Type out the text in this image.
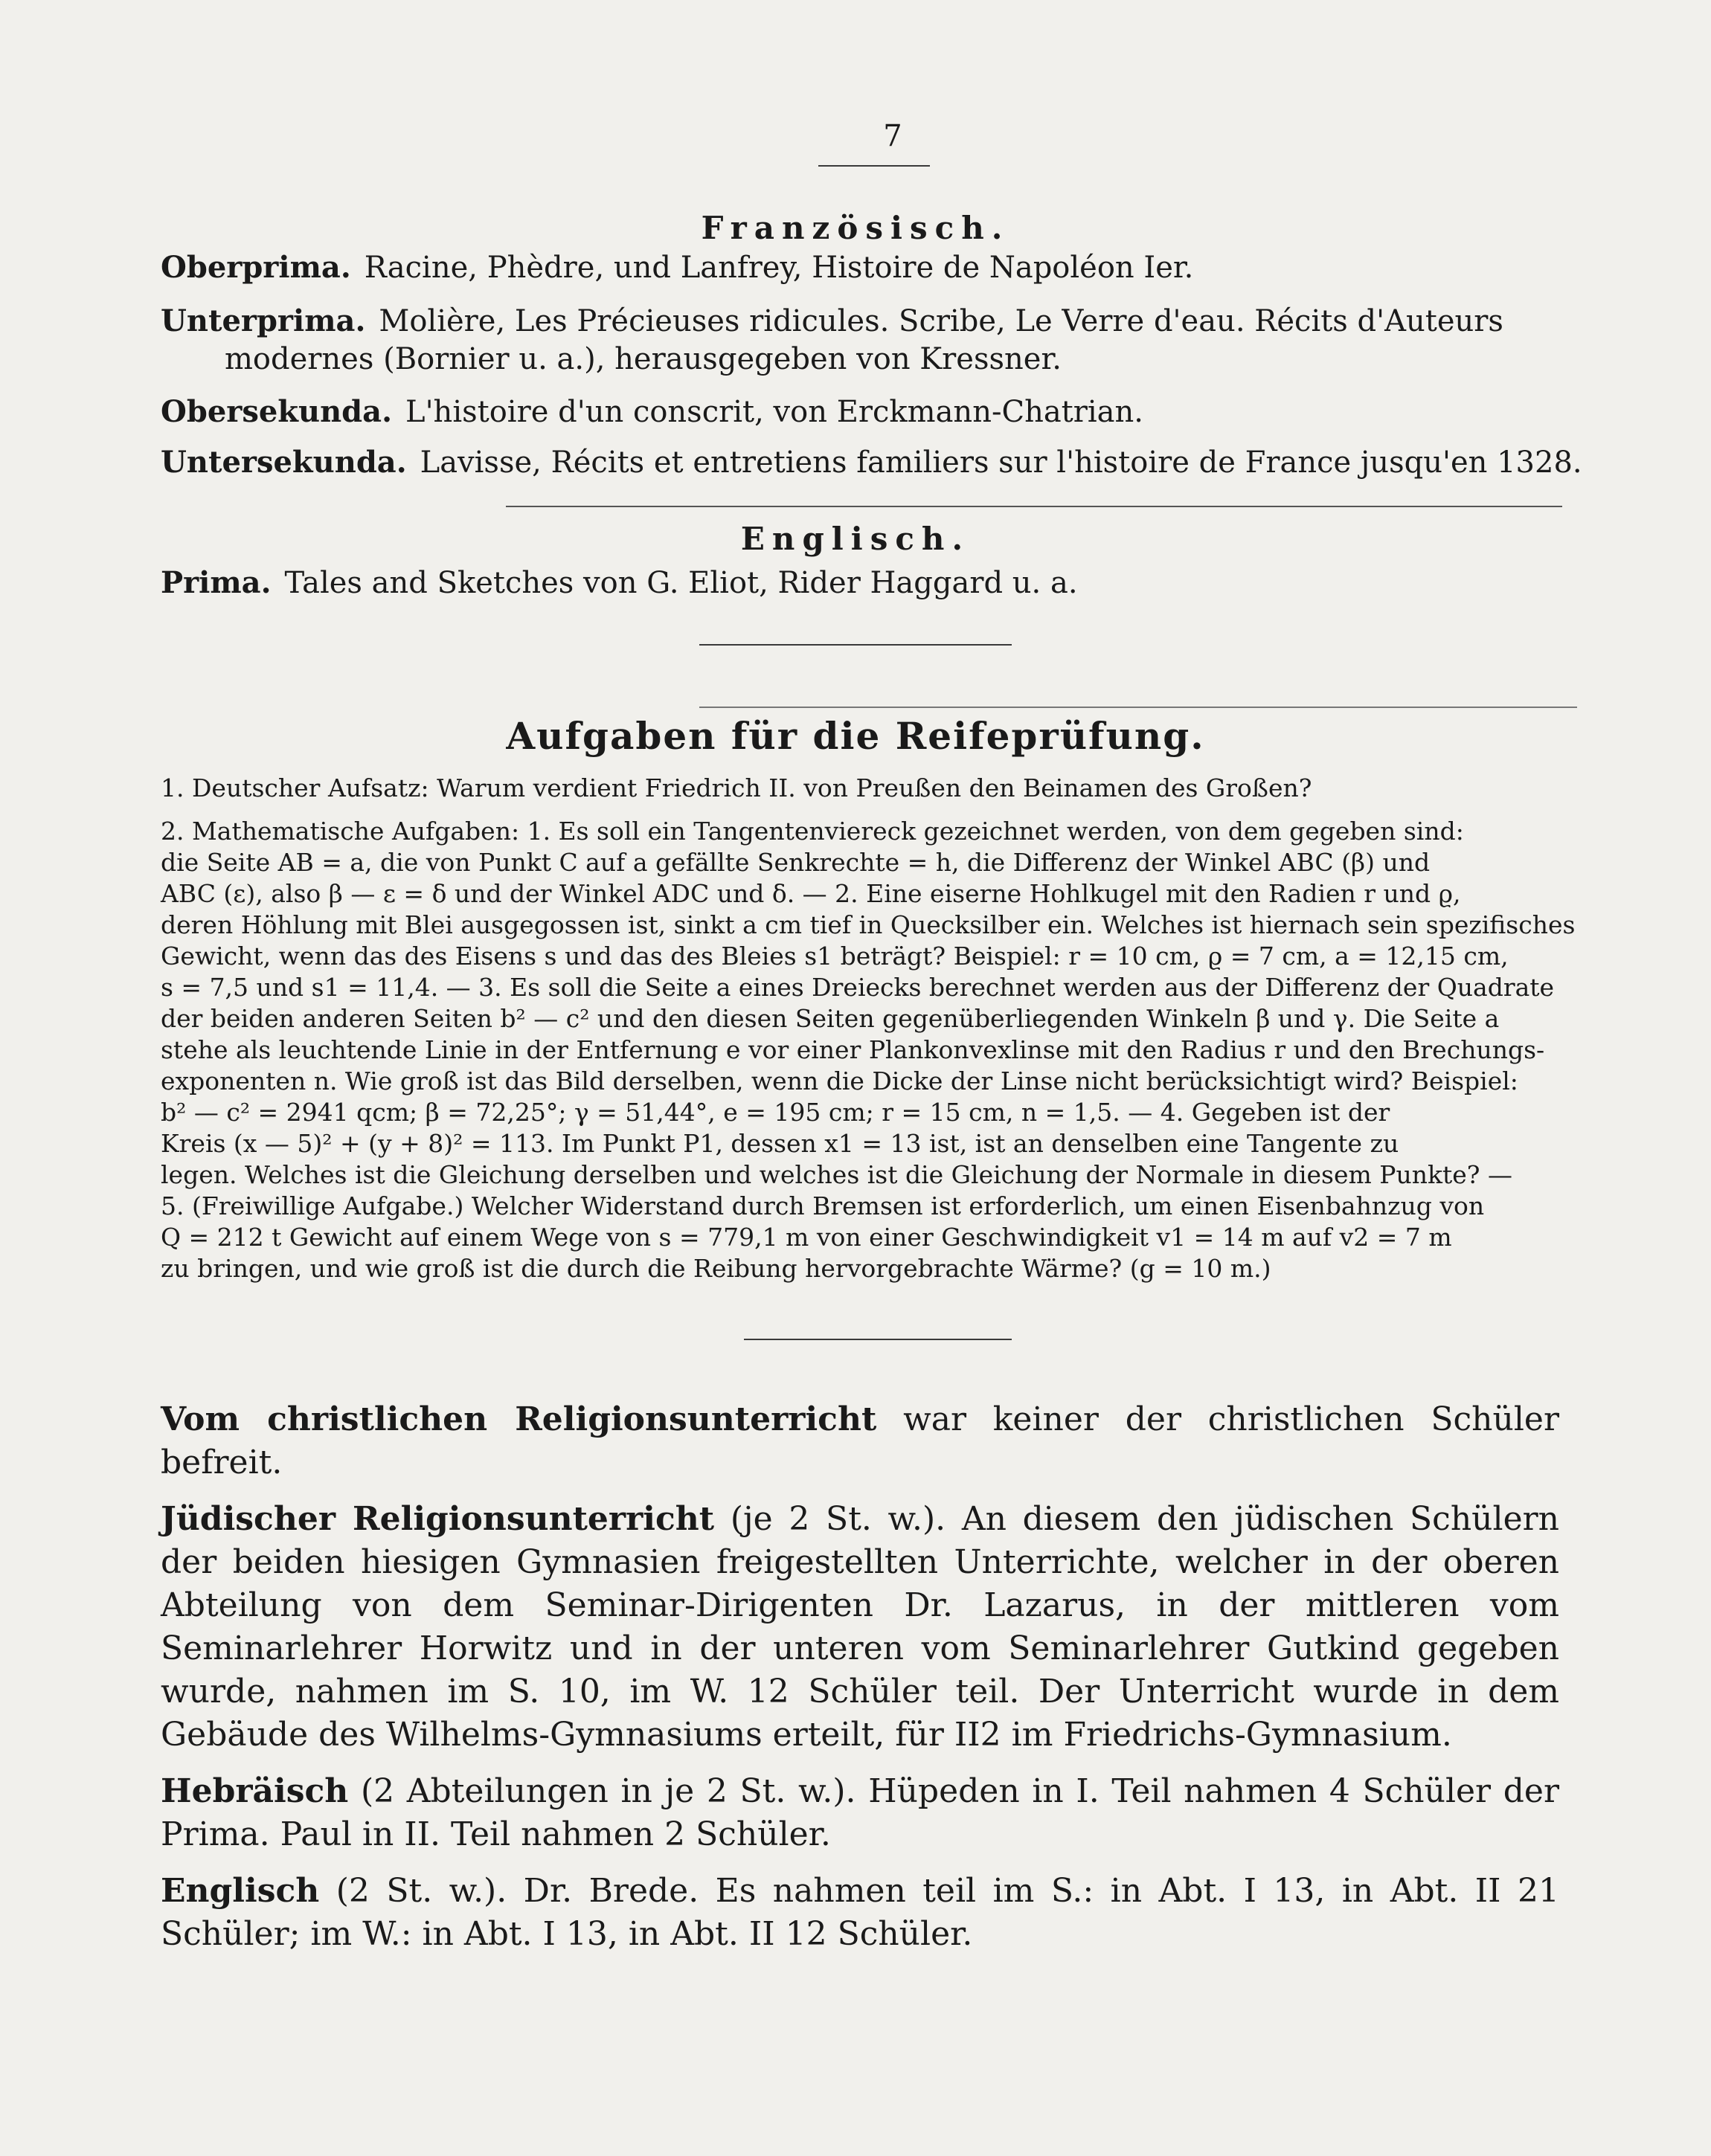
7
Französisch.
Oberprima. Racine, Phèdre, und Lanfrey, Histoire de Napoléon Ier.
Unterprima. Molière, Les Précieuses ridicules. Scribe, Le Verre d'eau. Récits d'Auteurs
modernes (Bornier u. a.), herausgegeben von Kressner.
Obersekunda. L'histoire d'un conscrit, von Erckmann-Chatrian.
Untersekunda. Lavisse, Récits et entretiens familiers sur l'histoire de France jusqu'en 1328.
Englisch.
Prima. Tales and Sketches von G. Eliot, Rider Haggard u. a.
Aufgaben für die Reifeprüfung.
1. Deutscher Aufsatz: Warum verdient Friedrich II. von Preußen den Beinamen des Großen?
2. Mathematische Aufgaben: 1. Es soll ein Tangentenviereck gezeichnet werden, von dem gegeben sind:
die Seite AB = a, die von Punkt C auf a gefällte Senkrechte = h, die Differenz der Winkel ABC (β) und
ABC (ε), also β — ε = δ und der Winkel ADC und δ. — 2. Eine eiserne Hohlkugel mit den Radien r und ϱ,
deren Höhlung mit Blei ausgegossen ist, sinkt a cm tief in Quecksilber ein. Welches ist hiernach sein spezifisches
Gewicht, wenn das des Eisens s und das des Bleies s1 beträgt? Beispiel: r = 10 cm, ϱ = 7 cm, a = 12,15 cm,
s = 7,5 und s1 = 11,4. — 3. Es soll die Seite a eines Dreiecks berechnet werden aus der Differenz der Quadrate
der beiden anderen Seiten b² — c² und den diesen Seiten gegenüberliegenden Winkeln β und γ. Die Seite a
stehe als leuchtende Linie in der Entfernung e vor einer Plankonvexlinse mit den Radius r und den Brechungs-
exponenten n. Wie groß ist das Bild derselben, wenn die Dicke der Linse nicht berücksichtigt wird? Beispiel:
b² — c² = 2941 qcm; β = 72,25°; γ = 51,44°, e = 195 cm; r = 15 cm, n = 1,5. — 4. Gegeben ist der
Kreis (x — 5)² + (y + 8)² = 113. Im Punkt P1, dessen x1 = 13 ist, ist an denselben eine Tangente zu
legen. Welches ist die Gleichung derselben und welches ist die Gleichung der Normale in diesem Punkte? —
5. (Freiwillige Aufgabe.) Welcher Widerstand durch Bremsen ist erforderlich, um einen Eisenbahnzug von
Q = 212 t Gewicht auf einem Wege von s = 779,1 m von einer Geschwindigkeit v1 = 14 m auf v2 = 7 m
zu bringen, und wie groß ist die durch die Reibung hervorgebrachte Wärme? (g = 10 m.)

Vom christlichen Religionsunterricht war keiner der christlichen Schüler befreit.

Jüdischer Religionsunterricht (je 2 St. w.). An diesem den jüdischen Schülern der beiden hiesigen Gymnasien freigestellten Unterrichte, welcher in der oberen Abteilung von dem Seminar-Dirigenten Dr. Lazarus, in der mittleren vom Seminarlehrer Horwitz und in der unteren vom Seminarlehrer Gutkind gegeben wurde, nahmen im S. 10, im W. 12 Schüler teil. Der Unterricht wurde in dem Gebäude des Wilhelms-Gymnasiums erteilt, für II2 im Friedrichs-Gymnasium.

Hebräisch (2 Abteilungen in je 2 St. w.). Hüpeden in I. Teil nahmen 4 Schüler der Prima. Paul in II. Teil nahmen 2 Schüler.

Englisch (2 St. w.). Dr. Brede. Es nahmen teil im S.: in Abt. I 13, in Abt. II 21 Schüler; im W.: in Abt. I 13, in Abt. II 12 Schüler.
